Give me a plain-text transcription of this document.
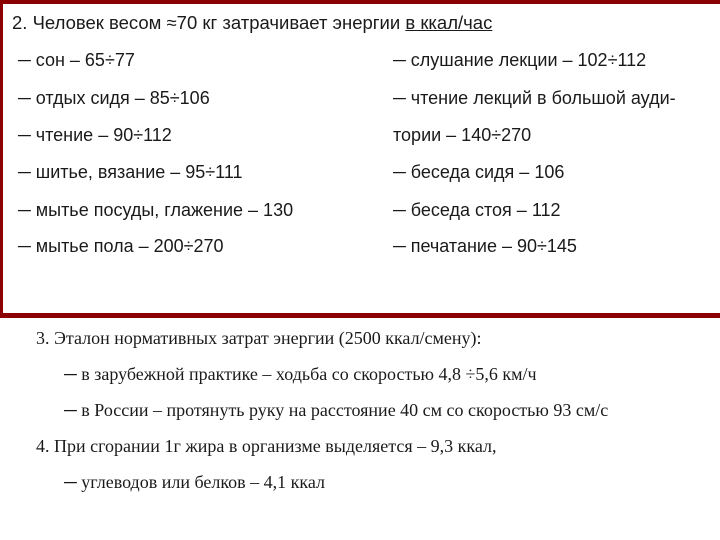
2. Человек весом ≈70 кг затрачивает энергии в ккал/час
─ сон – 65÷77
─ отдых сидя – 85÷106
─ чтение – 90÷112
─ шитье, вязание – 95÷111
─ мытье посуды, глажение – 130
─ мытье пола – 200÷270
─ слушание лекции – 102÷112
─ чтение лекций в большой ауди-
тории – 140÷270
─ беседа сидя – 106
─ беседа стоя – 112
─ печатание – 90÷145
3. Эталон нормативных затрат энергии (2500 ккал/смену):
─ в зарубежной практике – ходьба со скоростью 4,8 ÷5,6 км/ч
─ в России – протянуть руку на расстояние 40 см со скоростью 93 см/с
4. При сгорании 1г жира в организме выделяется – 9,3 ккал,
─ углеводов или белков – 4,1 ккал
